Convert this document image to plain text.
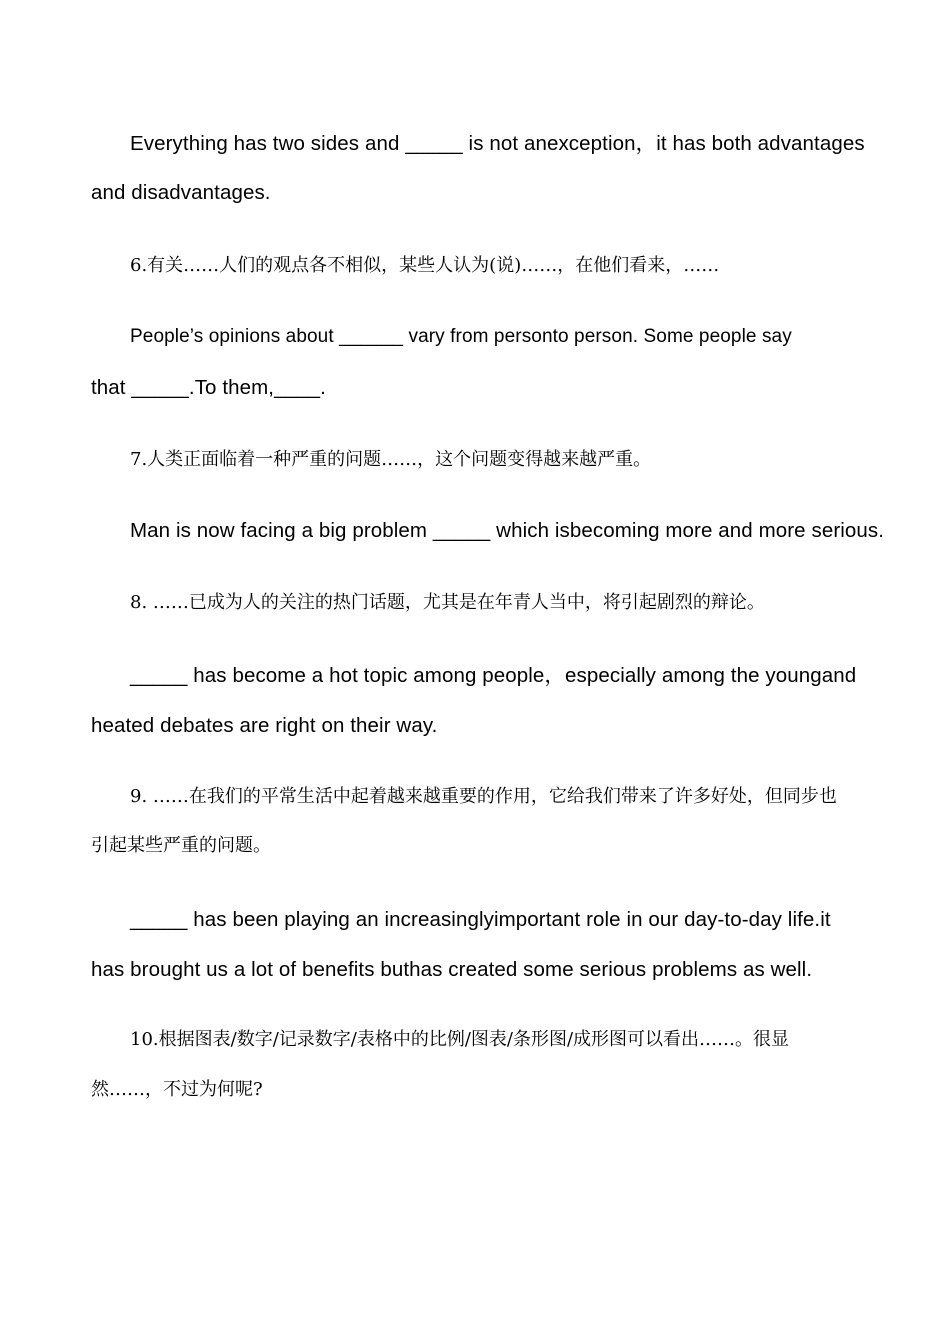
Everything has two sides and _____ is not anexception，it has both advantages
and disadvantages.
6.有关……人们的观点各不相似，某些人认为(说)……，在他们看来，……
People’s opinions about ______ vary from personto person. Some people say
that _____.To them,____.
7.人类正面临着一种严重的问题……，这个问题变得越来越严重。
Man is now facing a big problem _____ which isbecoming more and more serious.
8. ……已成为人的关注的热门话题，尤其是在年青人当中，将引起剧烈的辩论。
_____ has become a hot topic among people，especially among the youngand
heated debates are right on their way.
9. ……在我们的平常生活中起着越来越重要的作用，它给我们带来了许多好处，但同步也
引起某些严重的问题。
_____ has been playing an increasinglyimportant role in our day-to-day life.it
has brought us a lot of benefits buthas created some serious problems as well.
10.根据图表/数字/记录数字/表格中的比例/图表/条形图/成形图可以看出……。很显
然……，不过为何呢?
